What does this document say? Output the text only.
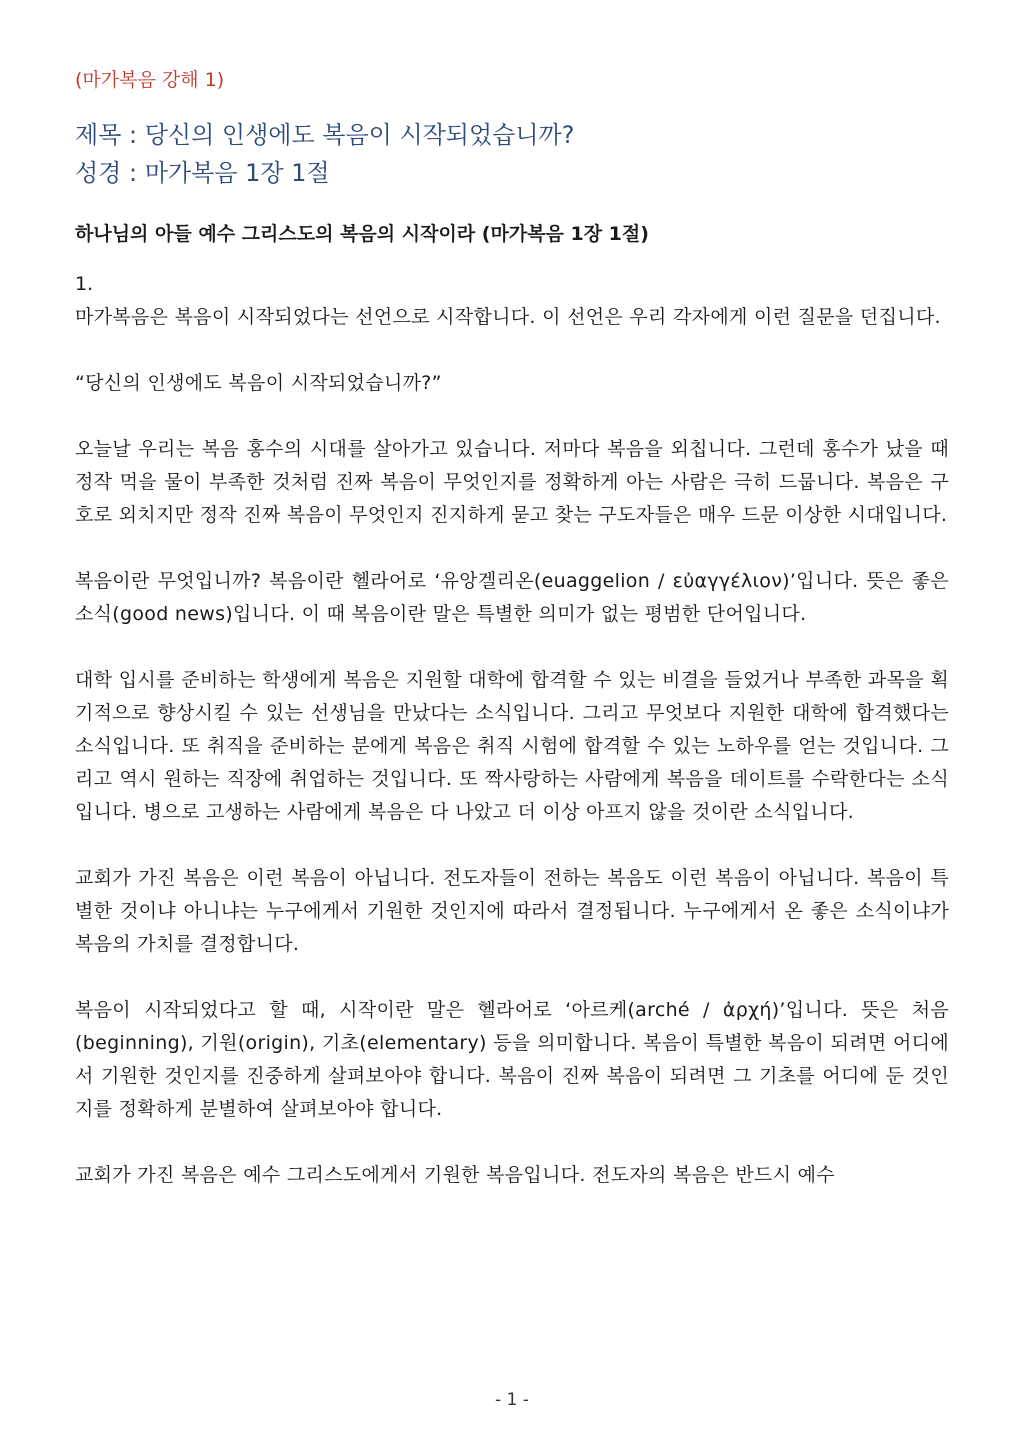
(마가복음 강해 1)

제목 : 당신의 인생에도 복음이 시작되었습니까?

성경 : 마가복음 1장 1절

하나님의 아들 예수 그리스도의 복음의 시작이라 (마가복음 1장 1절)

1.

마가복음은 복음이 시작되었다는 선언으로 시작합니다. 이 선언은 우리 각자에게 이런 질문을 던집니다.

“당신의 인생에도 복음이 시작되었습니까?”

오늘날 우리는 복음 홍수의 시대를 살아가고 있습니다. 저마다 복음을 외칩니다. 그런데 홍수가 났을 때 정작 먹을 물이 부족한 것처럼 진짜 복음이 무엇인지를 정확하게 아는 사람은 극히 드뭅니다. 복음은 구호로 외치지만 정작 진짜 복음이 무엇인지 진지하게 묻고 찾는 구도자들은 매우 드문 이상한 시대입니다.

복음이란 무엇입니까? 복음이란 헬라어로 ‘유앙겔리온(euaggelion / εὐαγγέλιον)’입니다. 뜻은 좋은 소식(good news)입니다. 이 때 복음이란 말은 특별한 의미가 없는 평범한 단어입니다.

대학 입시를 준비하는 학생에게 복음은 지원할 대학에 합격할 수 있는 비결을 들었거나 부족한 과목을 획기적으로 향상시킬 수 있는 선생님을 만났다는 소식입니다. 그리고 무엇보다 지원한 대학에 합격했다는 소식입니다. 또 취직을 준비하는 분에게 복음은 취직 시험에 합격할 수 있는 노하우를 얻는 것입니다. 그리고 역시 원하는 직장에 취업하는 것입니다. 또 짝사랑하는 사람에게 복음을 데이트를 수락한다는 소식입니다. 병으로 고생하는 사람에게 복음은 다 나았고 더 이상 아프지 않을 것이란 소식입니다.

교회가 가진 복음은 이런 복음이 아닙니다. 전도자들이 전하는 복음도 이런 복음이 아닙니다. 복음이 특별한 것이냐 아니냐는 누구에게서 기원한 것인지에 따라서 결정됩니다. 누구에게서 온 좋은 소식이냐가 복음의 가치를 결정합니다.

복음이 시작되었다고 할 때, 시작이란 말은 헬라어로 ‘아르케(arché / ἀρχή)’입니다. 뜻은 처음(beginning), 기원(origin), 기초(elementary) 등을 의미합니다. 복음이 특별한 복음이 되려면 어디에서 기원한 것인지를 진중하게 살펴보아야 합니다. 복음이 진짜 복음이 되려면 그 기초를 어디에 둔 것인지를 정확하게 분별하여 살펴보아야 합니다.

교회가 가진 복음은 예수 그리스도에게서 기원한 복음입니다. 전도자의 복음은 반드시 예수

- 1 -
